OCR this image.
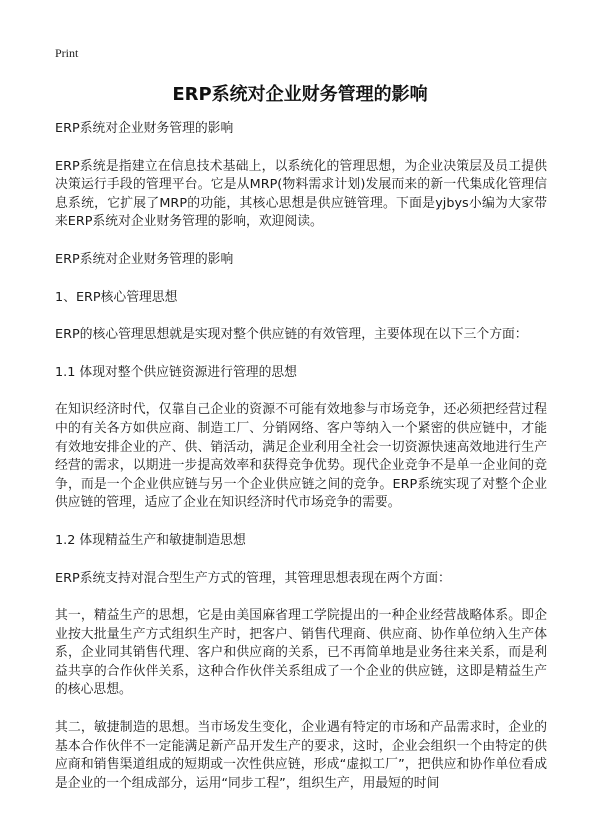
Print
ERP系统对企业财务管理的影响

ERP系统对企业财务管理的影响

ERP系统是指建立在信息技术基础上，以系统化的管理思想，为企业决策层及员工提供决策运行手段的管理平台。它是从MRP(物料需求计划)发展而来的新一代集成化管理信息系统，它扩展了MRP的功能，其核心思想是供应链管理。下面是yjbys小编为大家带来ERP系统对企业财务管理的影响，欢迎阅读。

ERP系统对企业财务管理的影响

1、ERP核心管理思想

ERP的核心管理思想就是实现对整个供应链的有效管理，主要体现在以下三个方面：

1.1 体现对整个供应链资源进行管理的思想

在知识经济时代，仅靠自己企业的资源不可能有效地参与市场竞争，还必须把经营过程中的有关各方如供应商、制造工厂、分销网络、客户等纳入一个紧密的供应链中，才能有效地安排企业的产、供、销活动，满足企业利用全社会一切资源快速高效地进行生产经营的需求，以期进一步提高效率和获得竞争优势。现代企业竞争不是单一企业间的竞争，而是一个企业供应链与另一个企业供应链之间的竞争。ERP系统实现了对整个企业供应链的管理，适应了企业在知识经济时代市场竞争的需要。

1.2 体现精益生产和敏捷制造思想

ERP系统支持对混合型生产方式的管理，其管理思想表现在两个方面：

其一，精益生产的思想，它是由美国麻省理工学院提出的一种企业经营战略体系。即企业按大批量生产方式组织生产时，把客户、销售代理商、供应商、协作单位纳入生产体系，企业同其销售代理、客户和供应商的关系，已不再简单地是业务往来关系，而是利益共享的合作伙伴关系，这种合作伙伴关系组成了一个企业的供应链，这即是精益生产的核心思想。

其二，敏捷制造的思想。当市场发生变化，企业遇有特定的市场和产品需求时，企业的基本合作伙伴不一定能满足新产品开发生产的要求，这时，企业会组织一个由特定的供应商和销售渠道组成的短期或一次性供应链，形成“虚拟工厂”，把供应和协作单位看成是企业的一个组成部分，运用“同步工程”，组织生产，用最短的时间
